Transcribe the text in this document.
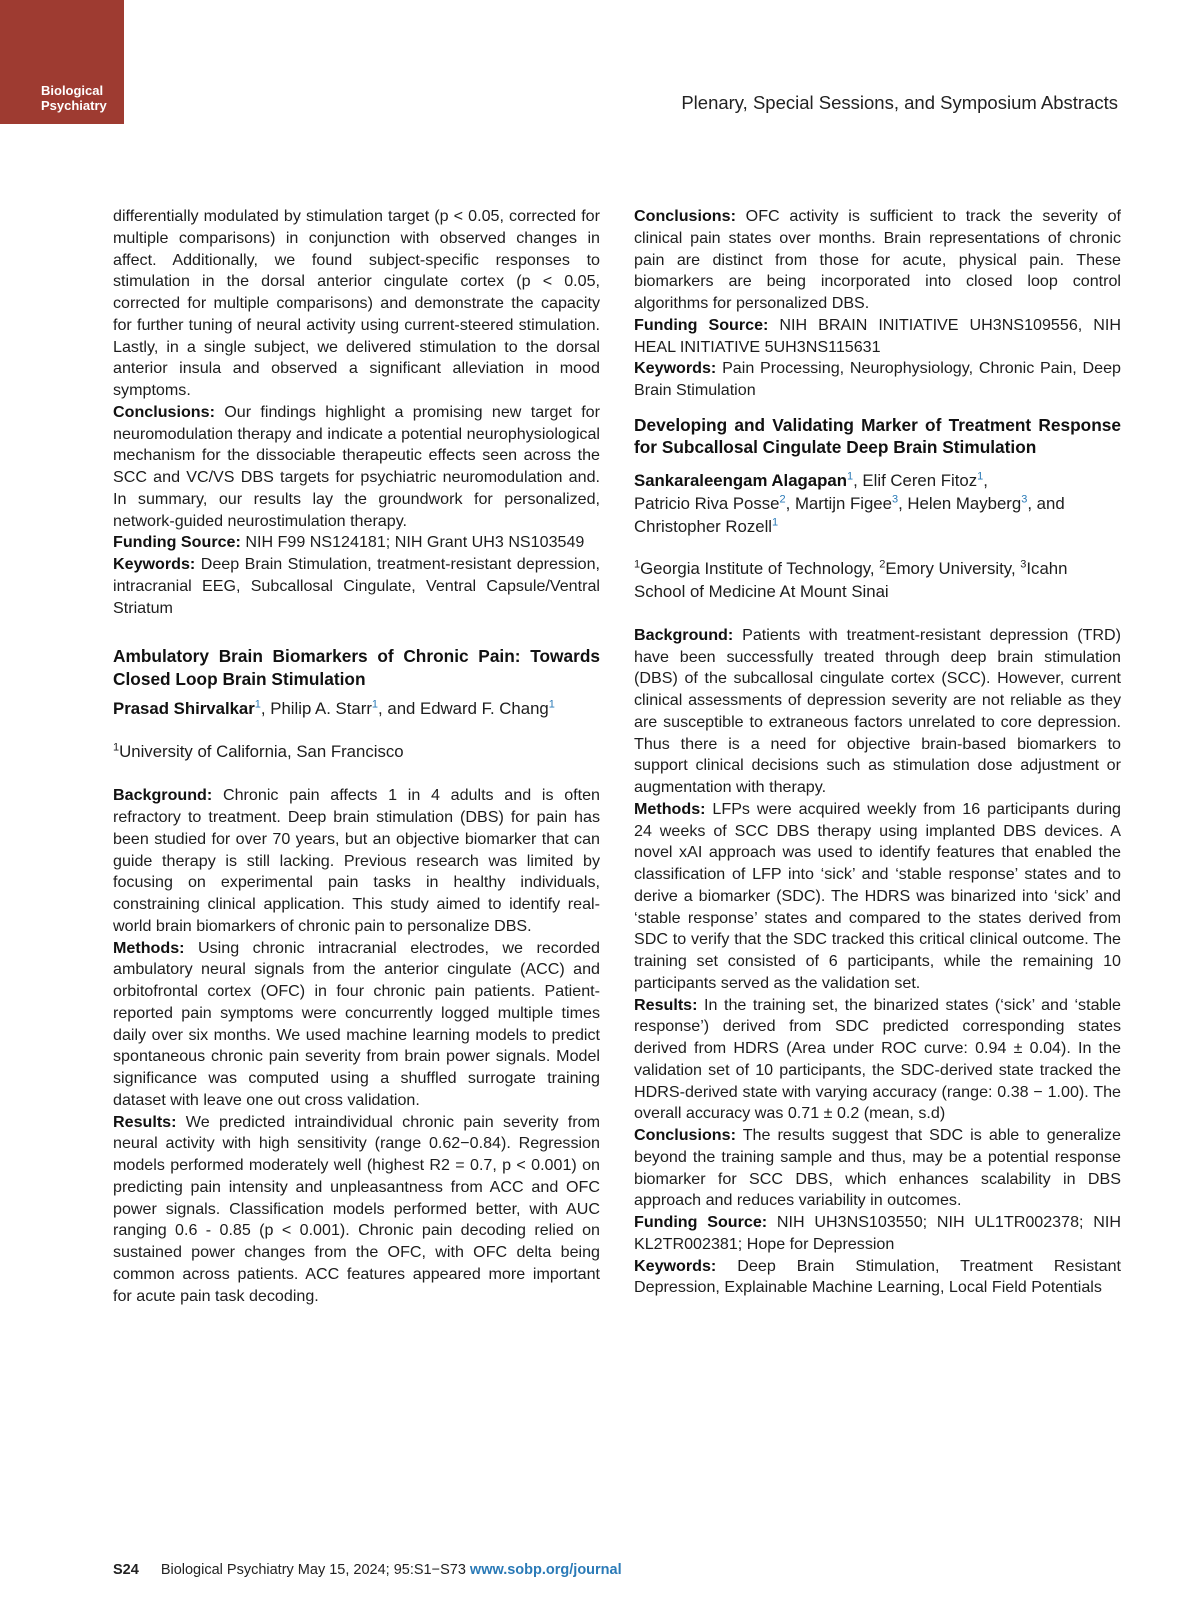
Biological
Psychiatry	Plenary, Special Sessions, and Symposium Abstracts

differentially modulated by stimulation target (p < 0.05, corrected for multiple comparisons) in conjunction with observed changes in affect. Additionally, we found subject-specific responses to stimulation in the dorsal anterior cingulate cortex (p < 0.05, corrected for multiple comparisons) and demonstrate the capacity for further tuning of neural activity using current-steered stimulation. Lastly, in a single subject, we delivered stimulation to the dorsal anterior insula and observed a significant alleviation in mood symptoms.

Conclusions: Our findings highlight a promising new target for neuromodulation therapy and indicate a potential neurophysiological mechanism for the dissociable therapeutic effects seen across the SCC and VC/VS DBS targets for psychiatric neuromodulation and. In summary, our results lay the groundwork for personalized, network-guided neurostimulation therapy.

Funding Source: NIH F99 NS124181; NIH Grant UH3 NS103549

Keywords: Deep Brain Stimulation, treatment-resistant depression, intracranial EEG, Subcallosal Cingulate, Ventral Capsule/Ventral Striatum

Ambulatory Brain Biomarkers of Chronic Pain: Towards Closed Loop Brain Stimulation
Prasad Shirvalkar$^1$, Philip A. Starr$^1$, and Edward F. Chang$^1$
$^1$University of California, San Francisco

Background: Chronic pain affects 1 in 4 adults and is often refractory to treatment. Deep brain stimulation (DBS) for pain has been studied for over 70 years, but an objective biomarker that can guide therapy is still lacking. Previous research was limited by focusing on experimental pain tasks in healthy individuals, constraining clinical application. This study aimed to identify real-world brain biomarkers of chronic pain to personalize DBS.

Methods: Using chronic intracranial electrodes, we recorded ambulatory neural signals from the anterior cingulate (ACC) and orbitofrontal cortex (OFC) in four chronic pain patients. Patient-reported pain symptoms were concurrently logged multiple times daily over six months. We used machine learning models to predict spontaneous chronic pain severity from brain power signals. Model significance was computed using a shuffled surrogate training dataset with leave one out cross validation.

Results: We predicted intraindividual chronic pain severity from neural activity with high sensitivity (range 0.62−0.84). Regression models performed moderately well (highest R2 = 0.7, p < 0.001) on predicting pain intensity and unpleasantness from ACC and OFC power signals. Classification models performed better, with AUC ranging 0.6 - 0.85 (p < 0.001). Chronic pain decoding relied on sustained power changes from the OFC, with OFC delta being common across patients. ACC features appeared more important for acute pain task decoding.

Conclusions: OFC activity is sufficient to track the severity of clinical pain states over months. Brain representations of chronic pain are distinct from those for acute, physical pain. These biomarkers are being incorporated into closed loop control algorithms for personalized DBS.

Funding Source: NIH BRAIN INITIATIVE UH3NS109556, NIH HEAL INITIATIVE 5UH3NS115631

Keywords: Pain Processing, Neurophysiology, Chronic Pain, Deep Brain Stimulation

Developing and Validating Marker of Treatment Response for Subcallosal Cingulate Deep Brain Stimulation
Sankaraleengam Alagapan$^1$, Elif Ceren Fitoz$^1$,
Patricio Riva Posse$^2$, Martijn Figee$^3$, Helen Mayberg$^3$, and
Christopher Rozell$^1$
$^1$Georgia Institute of Technology, $^2$Emory University, $^3$Icahn School of Medicine At Mount Sinai

Background: Patients with treatment-resistant depression (TRD) have been successfully treated through deep brain stimulation (DBS) of the subcallosal cingulate cortex (SCC). However, current clinical assessments of depression severity are not reliable as they are susceptible to extraneous factors unrelated to core depression. Thus there is a need for objective brain-based biomarkers to support clinical decisions such as stimulation dose adjustment or augmentation with therapy.

Methods: LFPs were acquired weekly from 16 participants during 24 weeks of SCC DBS therapy using implanted DBS devices. A novel xAI approach was used to identify features that enabled the classification of LFP into ‘sick’ and ‘stable response’ states and to derive a biomarker (SDC). The HDRS was binarized into ‘sick’ and ‘stable response’ states and compared to the states derived from SDC to verify that the SDC tracked this critical clinical outcome. The training set consisted of 6 participants, while the remaining 10 participants served as the validation set.

Results: In the training set, the binarized states (‘sick’ and ‘stable response’) derived from SDC predicted corresponding states derived from HDRS (Area under ROC curve: 0.94 ± 0.04). In the validation set of 10 participants, the SDC-derived state tracked the HDRS-derived state with varying accuracy (range: 0.38 − 1.00). The overall accuracy was 0.71 ± 0.2 (mean, s.d)

Conclusions: The results suggest that SDC is able to generalize beyond the training sample and thus, may be a potential response biomarker for SCC DBS, which enhances scalability in DBS approach and reduces variability in outcomes.

Funding Source: NIH UH3NS103550; NIH UL1TR002378; NIH KL2TR002381; Hope for Depression

Keywords: Deep Brain Stimulation, Treatment Resistant Depression, Explainable Machine Learning, Local Field Potentials

S24 Biological Psychiatry May 15, 2024; 95:S1−S73 www.sobp.org/journal
